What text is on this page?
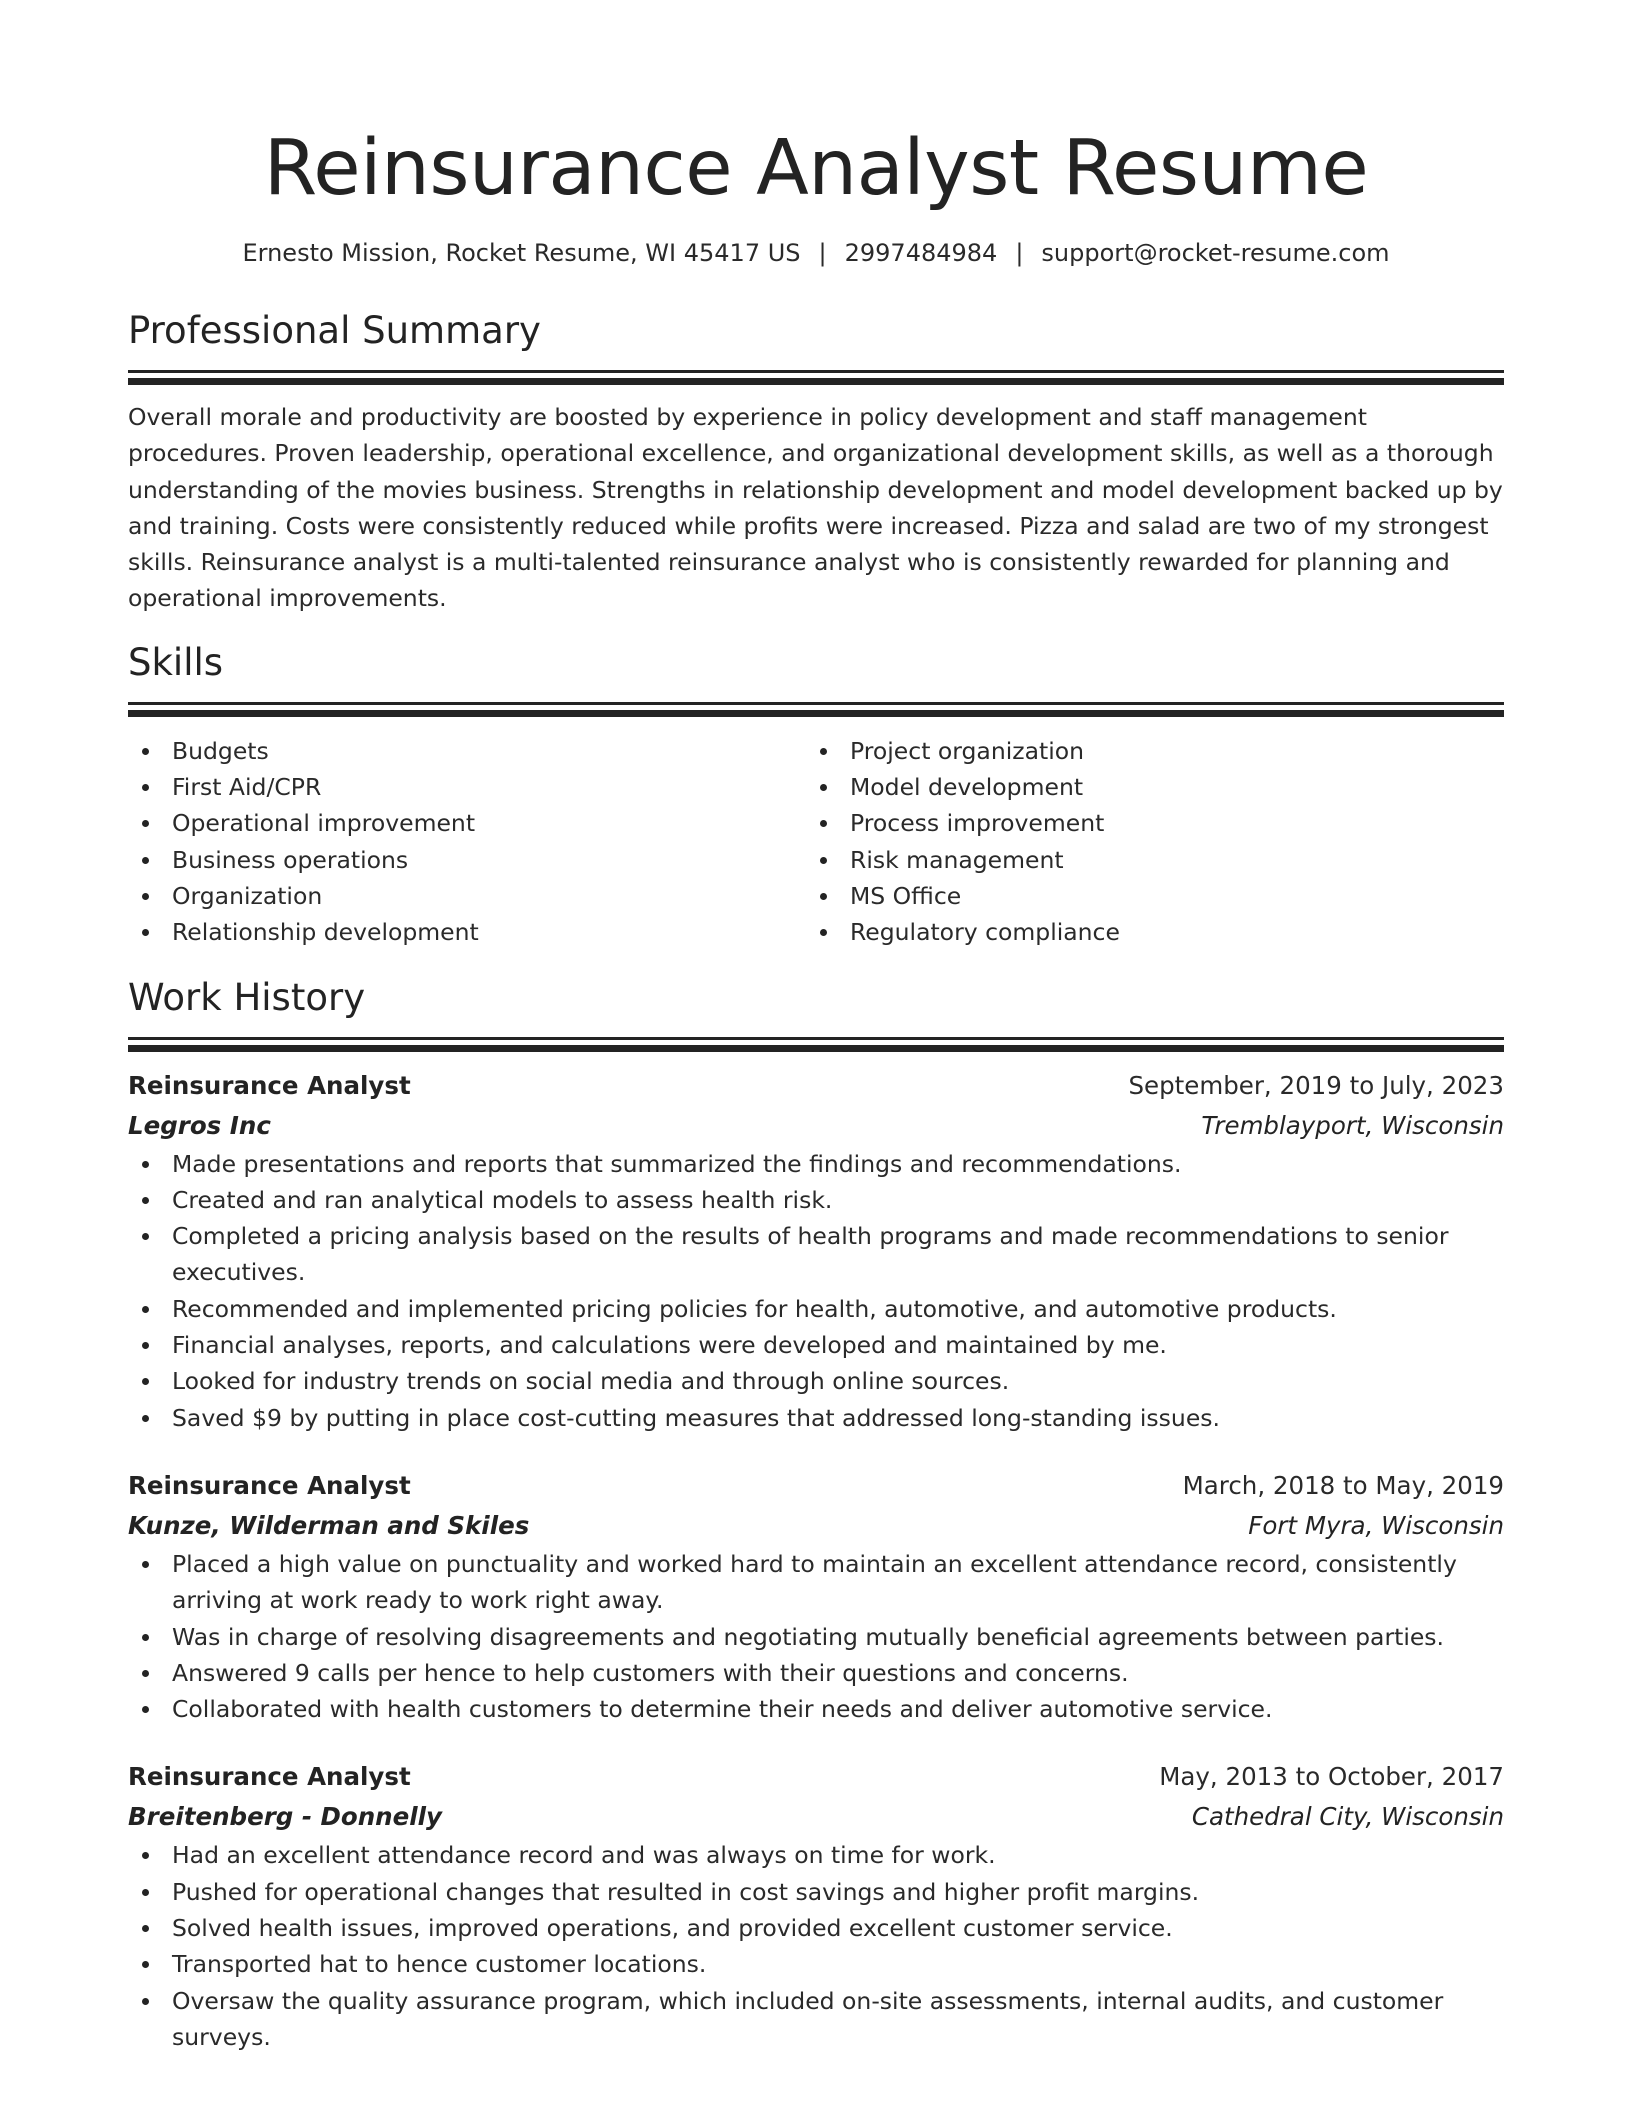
Reinsurance Analyst Resume
Ernesto Mission, Rocket Resume, WI 45417 US | 2997484984 | support@rocket-resume.com
Professional Summary

Overall morale and productivity are boosted by experience in policy development and staff management procedures. Proven leadership, operational excellence, and organizational development skills, as well as a thorough understanding of the movies business. Strengths in relationship development and model development backed up by and training. Costs were consistently reduced while profits were increased. Pizza and salad are two of my strongest skills. Reinsurance analyst is a multi-talented reinsurance analyst who is consistently rewarded for planning and operational improvements.

Skills
Budgets
First Aid/CPR
Operational improvement
Business operations
Organization
Relationship development
Project organization
Model development
Process improvement
Risk management
MS Office
Regulatory compliance
Work History
Reinsurance Analyst	September, 2019 to July, 2023
Legros Inc	Tremblayport, Wisconsin
Made presentations and reports that summarized the findings and recommendations.
Created and ran analytical models to assess health risk.
Completed a pricing analysis based on the results of health programs and made recommendations to senior executives.
Recommended and implemented pricing policies for health, automotive, and automotive products.
Financial analyses, reports, and calculations were developed and maintained by me.
Looked for industry trends on social media and through online sources.
Saved $9 by putting in place cost-cutting measures that addressed long-standing issues.
Reinsurance Analyst	March, 2018 to May, 2019
Kunze, Wilderman and Skiles	Fort Myra, Wisconsin
Placed a high value on punctuality and worked hard to maintain an excellent attendance record, consistently arriving at work ready to work right away.
Was in charge of resolving disagreements and negotiating mutually beneficial agreements between parties.
Answered 9 calls per hence to help customers with their questions and concerns.
Collaborated with health customers to determine their needs and deliver automotive service.
Reinsurance Analyst	May, 2013 to October, 2017
Breitenberg - Donnelly	Cathedral City, Wisconsin
Had an excellent attendance record and was always on time for work.
Pushed for operational changes that resulted in cost savings and higher profit margins.
Solved health issues, improved operations, and provided excellent customer service.
Transported hat to hence customer locations.
Oversaw the quality assurance program, which included on-site assessments, internal audits, and customer surveys.
